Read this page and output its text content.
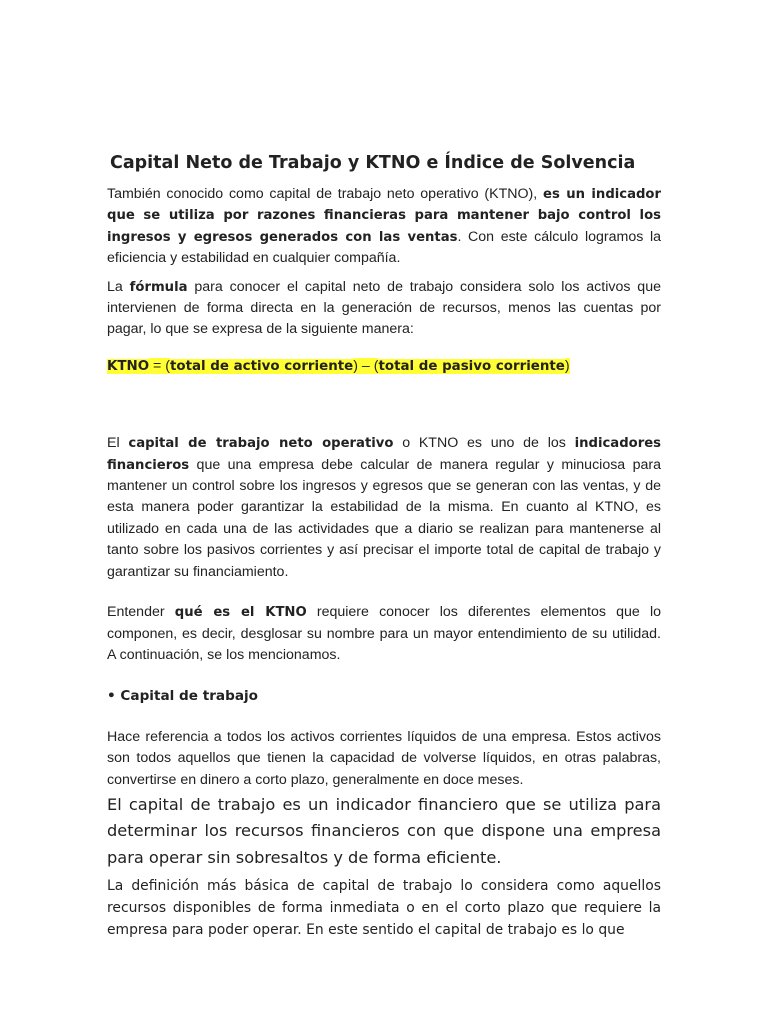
Capital Neto de Trabajo y KTNO e Índice de Solvencia

También conocido como capital de trabajo neto operativo (KTNO), es un indicador que se utiliza por razones financieras para mantener bajo control los ingresos y egresos generados con las ventas. Con este cálculo logramos la eficiencia y estabilidad en cualquier compañía.

La fórmula para conocer el capital neto de trabajo considera solo los activos que intervienen de forma directa en la generación de recursos, menos las cuentas por pagar, lo que se expresa de la siguiente manera:

KTNO = (total de activo corriente) – (total de pasivo corriente)

El capital de trabajo neto operativo o KTNO es uno de los indicadores financieros que una empresa debe calcular de manera regular y minuciosa para mantener un control sobre los ingresos y egresos que se generan con las ventas, y de esta manera poder garantizar la estabilidad de la misma. En cuanto al KTNO, es utilizado en cada una de las actividades que a diario se realizan para mantenerse al tanto sobre los pasivos corrientes y así precisar el importe total de capital de trabajo y garantizar su financiamiento.

Entender qué es el KTNO requiere conocer los diferentes elementos que lo componen, es decir, desglosar su nombre para un mayor entendimiento de su utilidad. A continuación, se los mencionamos.

• Capital de trabajo

Hace referencia a todos los activos corrientes líquidos de una empresa. Estos activos son todos aquellos que tienen la capacidad de volverse líquidos, en otras palabras, convertirse en dinero a corto plazo, generalmente en doce meses.

El capital de trabajo es un indicador financiero que se utiliza para determinar los recursos financieros con que dispone una empresa para operar sin sobresaltos y de forma eficiente.

La definición más básica de capital de trabajo lo considera como aquellos recursos disponibles de forma inmediata o en el corto plazo que requiere la empresa para poder operar. En este sentido el capital de trabajo es lo que
